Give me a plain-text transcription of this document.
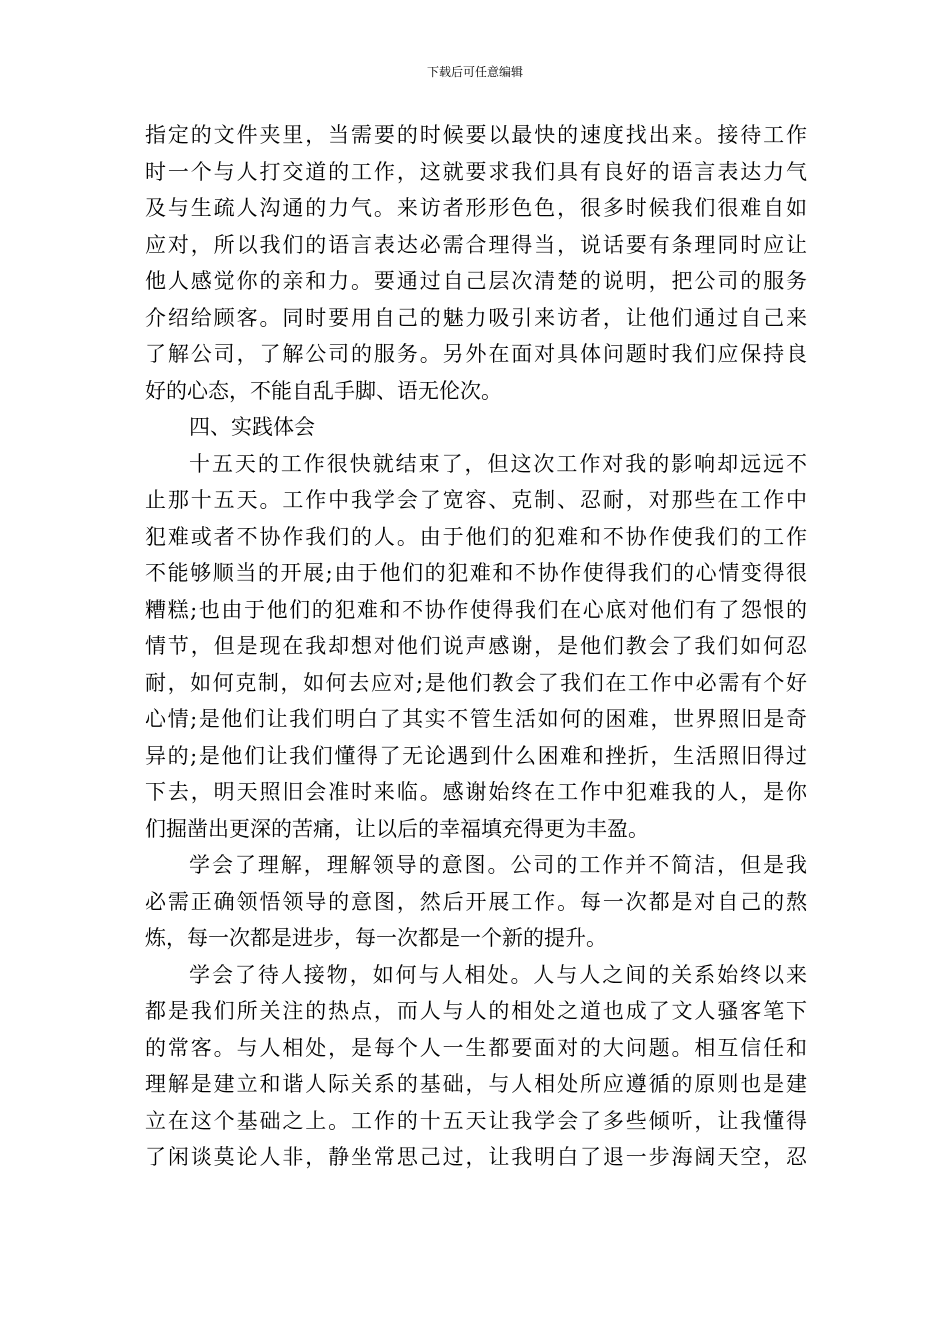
下载后可任意编辑
指定的文件夹里，当需要的时候要以最快的速度找出来。接待工作
时一个与人打交道的工作，这就要求我们具有良好的语言表达力气
及与生疏人沟通的力气。来访者形形色色，很多时候我们很难自如
应对，所以我们的语言表达必需合理得当，说话要有条理同时应让
他人感觉你的亲和力。要通过自己层次清楚的说明，把公司的服务
介绍给顾客。同时要用自己的魅力吸引来访者，让他们通过自己来
了解公司，了解公司的服务。另外在面对具体问题时我们应保持良
好的心态，不能自乱手脚、语无伦次。
四、实践体会
十五天的工作很快就结束了，但这次工作对我的影响却远远不
止那十五天。工作中我学会了宽容、克制、忍耐，对那些在工作中
犯难或者不协作我们的人。由于他们的犯难和不协作使我们的工作
不能够顺当的开展;由于他们的犯难和不协作使得我们的心情变得很
糟糕;也由于他们的犯难和不协作使得我们在心底对他们有了怨恨的
情节，但是现在我却想对他们说声感谢，是他们教会了我们如何忍
耐，如何克制，如何去应对;是他们教会了我们在工作中必需有个好
心情;是他们让我们明白了其实不管生活如何的困难，世界照旧是奇
异的;是他们让我们懂得了无论遇到什么困难和挫折，生活照旧得过
下去，明天照旧会准时来临。感谢始终在工作中犯难我的人，是你
们掘凿出更深的苦痛，让以后的幸福填充得更为丰盈。
学会了理解，理解领导的意图。公司的工作并不简洁，但是我
必需正确领悟领导的意图，然后开展工作。每一次都是对自己的熬
炼，每一次都是进步，每一次都是一个新的提升。
学会了待人接物，如何与人相处。人与人之间的关系始终以来
都是我们所关注的热点，而人与人的相处之道也成了文人骚客笔下
的常客。与人相处，是每个人一生都要面对的大问题。相互信任和
理解是建立和谐人际关系的基础，与人相处所应遵循的原则也是建
立在这个基础之上。工作的十五天让我学会了多些倾听，让我懂得
了闲谈莫论人非，静坐常思己过，让我明白了退一步海阔天空，忍
